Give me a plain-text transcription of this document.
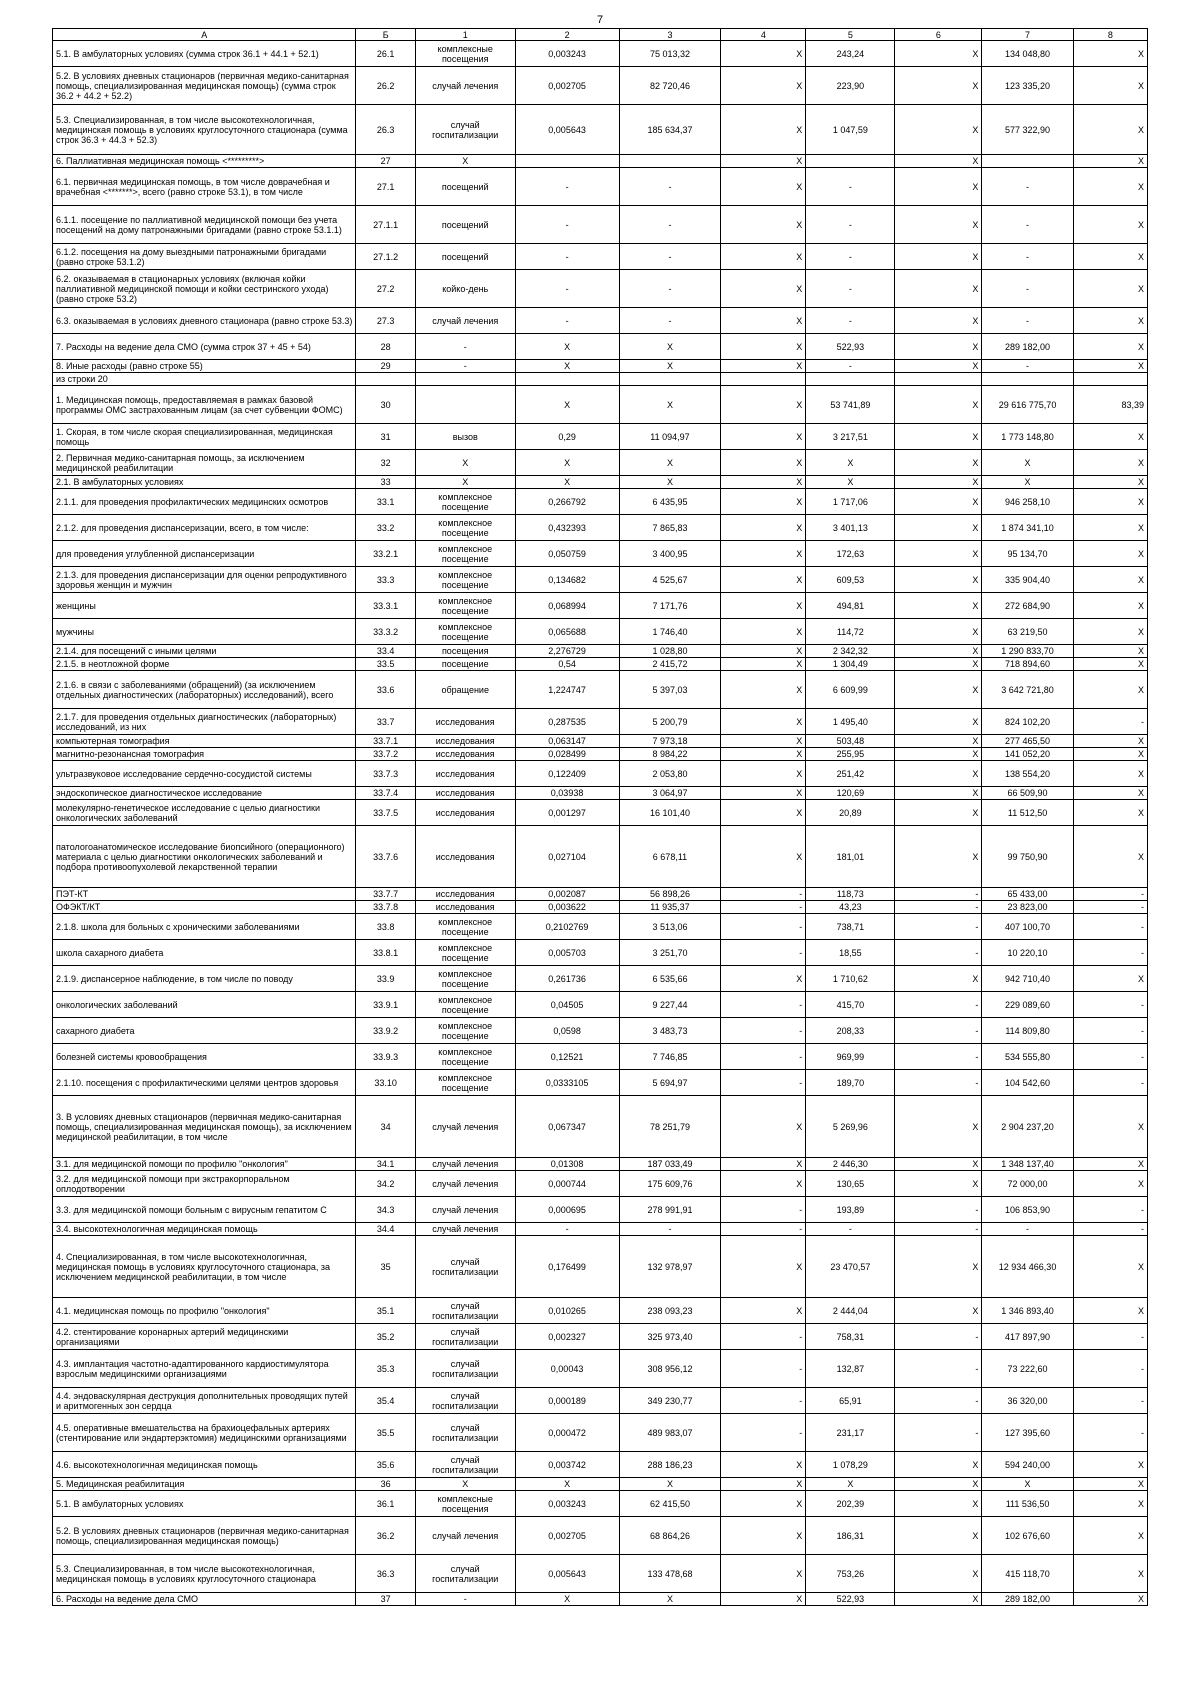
7
А	Б	1	2	3	4	5	6	7	8
5.1. В амбулаторных условиях (сумма строк 36.1 + 44.1 + 52.1)	26.1	комплексные посещения	0,003243	75 013,32	X	243,24	X	134 048,80	X
5.2. В условиях дневных стационаров (первичная медико-санитарная помощь, специализированная медицинская помощь) (сумма строк 36.2 + 44.2 + 52.2)	26.2	случай лечения	0,002705	82 720,46	X	223,90	X	123 335,20	X
5.3. Специализированная, в том числе высокотехнологичная, медицинская помощь в условиях круглосуточного стационара (сумма строк 36.3 + 44.3 + 52.3)	26.3	случай госпитализации	0,005643	185 634,37	X	1 047,59	X	577 322,90	X
6. Паллиативная медицинская помощь <*********>	27	X			X		X		X
6.1. первичная медицинская помощь, в том числе доврачебная и врачебная <*******>, всего (равно строке 53.1), в том числе	27.1	посещений	-	-	X	-	X	-	X
6.1.1. посещение по паллиативной медицинской помощи без учета посещений на дому патронажными бригадами (равно строке 53.1.1)	27.1.1	посещений	-	-	X	-	X	-	X
6.1.2. посещения на дому выездными патронажными бригадами (равно строке 53.1.2)	27.1.2	посещений	-	-	X	-	X	-	X
6.2. оказываемая в стационарных условиях (включая койки паллиативной медицинской помощи и койки сестринского ухода) (равно строке 53.2)	27.2	койко-день	-	-	X	-	X	-	X
6.3. оказываемая в условиях дневного стационара (равно строке 53.3)	27.3	случай лечения	-	-	X	-	X	-	X
7. Расходы на ведение дела СМО (сумма строк 37 + 45 + 54)	28	-	X	X	X	522,93	X	289 182,00	X
8. Иные расходы (равно строке 55)	29	-	X	X	X	-	X	-	X
из строки 20									
1. Медицинская помощь, предоставляемая в рамках базовой программы ОМС застрахованным лицам (за счет субвенции ФОМС)	30		X	X	X	53 741,89	X	29 616 775,70	83,39
1. Скорая, в том числе скорая специализированная, медицинская помощь	31	вызов	0,29	11 094,97	X	3 217,51	X	1 773 148,80	X
2. Первичная медико-санитарная помощь, за исключением медицинской реабилитации	32	X	X	X	X	X	X	X	X
2.1. В амбулаторных условиях	33	X	X	X	X	X	X	X	X
2.1.1. для проведения профилактических медицинских осмотров	33.1	комплексное посещение	0,266792	6 435,95	X	1 717,06	X	946 258,10	X
2.1.2. для проведения диспансеризации, всего, в том числе:	33.2	комплексное посещение	0,432393	7 865,83	X	3 401,13	X	1 874 341,10	X
для проведения углубленной диспансеризации	33.2.1	комплексное посещение	0,050759	3 400,95	X	172,63	X	95 134,70	X
2.1.3. для проведения диспансеризации для оценки репродуктивного здоровья женщин и мужчин	33.3	комплексное посещение	0,134682	4 525,67	X	609,53	X	335 904,40	X
женщины	33.3.1	комплексное посещение	0,068994	7 171,76	X	494,81	X	272 684,90	X
мужчины	33.3.2	комплексное посещение	0,065688	1 746,40	X	114,72	X	63 219,50	X
2.1.4. для посещений с иными целями	33.4	посещения	2,276729	1 028,80	X	2 342,32	X	1 290 833,70	X
2.1.5. в неотложной форме	33.5	посещение	0,54	2 415,72	X	1 304,49	X	718 894,60	X
2.1.6. в связи с заболеваниями (обращений) (за исключением отдельных диагностических (лабораторных) исследований), всего	33.6	обращение	1,224747	5 397,03	X	6 609,99	X	3 642 721,80	X
2.1.7. для проведения отдельных диагностических (лабораторных) исследований, из них	33.7	исследования	0,287535	5 200,79	X	1 495,40	X	824 102,20	-
компьютерная томография	33.7.1	исследования	0,063147	7 973,18	X	503,48	X	277 465,50	X
магнитно-резонансная томография	33.7.2	исследования	0,028499	8 984,22	X	255,95	X	141 052,20	X
ультразвуковое исследование сердечно-сосудистой системы	33.7.3	исследования	0,122409	2 053,80	X	251,42	X	138 554,20	X
эндоскопическое диагностическое исследование	33.7.4	исследования	0,03938	3 064,97	X	120,69	X	66 509,90	X
молекулярно-генетическое исследование с целью диагностики онкологических заболеваний	33.7.5	исследования	0,001297	16 101,40	X	20,89	X	11 512,50	X
патологоанатомическое исследование биопсийного (операционного) материала с целью диагностики онкологических заболеваний и подбора противоопухолевой лекарственной терапии	33.7.6	исследования	0,027104	6 678,11	X	181,01	X	99 750,90	X
ПЭТ-КТ	33.7.7	исследования	0,002087	56 898,26	-	118,73	-	65 433,00	-
ОФЭКТ/КТ	33.7.8	исследования	0,003622	11 935,37	-	43,23	-	23 823,00	-
2.1.8. школа для больных с хроническими заболеваниями	33.8	комплексное посещение	0,2102769	3 513,06	-	738,71	-	407 100,70	-
школа сахарного диабета	33.8.1	комплексное посещение	0,005703	3 251,70	-	18,55	-	10 220,10	-
2.1.9. диспансерное наблюдение, в том числе по поводу	33.9	комплексное посещение	0,261736	6 535,66	X	1 710,62	X	942 710,40	X
онкологических заболеваний	33.9.1	комплексное посещение	0,04505	9 227,44	-	415,70	-	229 089,60	-
сахарного диабета	33.9.2	комплексное посещение	0,0598	3 483,73	-	208,33	-	114 809,80	-
болезней системы кровообращения	33.9.3	комплексное посещение	0,12521	7 746,85	-	969,99	-	534 555,80	-
2.1.10. посещения с профилактическими целями центров здоровья	33.10	комплексное посещение	0,0333105	5 694,97	-	189,70	-	104 542,60	-
3. В условиях дневных стационаров (первичная медико-санитарная помощь, специализированная медицинская помощь), за исключением медицинской реабилитации, в том числе	34	случай лечения	0,067347	78 251,79	X	5 269,96	X	2 904 237,20	X
3.1. для медицинской помощи по профилю "онкология"	34.1	случай лечения	0,01308	187 033,49	X	2 446,30	X	1 348 137,40	X
3.2. для медицинской помощи при экстракорпоральном оплодотворении	34.2	случай лечения	0,000744	175 609,76	X	130,65	X	72 000,00	X
3.3. для медицинской помощи больным с вирусным гепатитом С	34.3	случай лечения	0,000695	278 991,91	-	193,89	-	106 853,90	-
3.4. высокотехнологичная медицинская помощь	34.4	случай лечения	-	-	-	-	-	-	-
4. Специализированная, в том числе высокотехнологичная, медицинская помощь в условиях круглосуточного стационара, за исключением медицинской реабилитации, в том числе	35	случай госпитализации	0,176499	132 978,97	X	23 470,57	X	12 934 466,30	X
4.1. медицинская помощь по профилю "онкология"	35.1	случай госпитализации	0,010265	238 093,23	X	2 444,04	X	1 346 893,40	X
4.2. стентирование коронарных артерий медицинскими организациями	35.2	случай госпитализации	0,002327	325 973,40	-	758,31	-	417 897,90	-
4.3. имплантация частотно-адаптированного кардиостимулятора взрослым медицинскими организациями	35.3	случай госпитализации	0,00043	308 956,12	-	132,87	-	73 222,60	-
4.4. эндоваскулярная деструкция дополнительных проводящих путей и аритмогенных зон сердца	35.4	случай госпитализации	0,000189	349 230,77	-	65,91	-	36 320,00	-
4.5. оперативные вмешательства на брахиоцефальных артериях (стентирование или эндартерэктомия) медицинскими организациями	35.5	случай госпитализации	0,000472	489 983,07	-	231,17	-	127 395,60	-
4.6. высокотехнологичная медицинская помощь	35.6	случай госпитализации	0,003742	288 186,23	X	1 078,29	X	594 240,00	X
5. Медицинская реабилитация	36	X	X	X	X	X	X	X	X
5.1. В амбулаторных условиях	36.1	комплексные посещения	0,003243	62 415,50	X	202,39	X	111 536,50	X
5.2. В условиях дневных стационаров (первичная медико-санитарная помощь, специализированная медицинская помощь)	36.2	случай лечения	0,002705	68 864,26	X	186,31	X	102 676,60	X
5.3. Специализированная, в том числе высокотехнологичная, медицинская помощь в условиях круглосуточного стационара	36.3	случай госпитализации	0,005643	133 478,68	X	753,26	X	415 118,70	X
6. Расходы на ведение дела СМО	37	-	X	X	X	522,93	X	289 182,00	X
